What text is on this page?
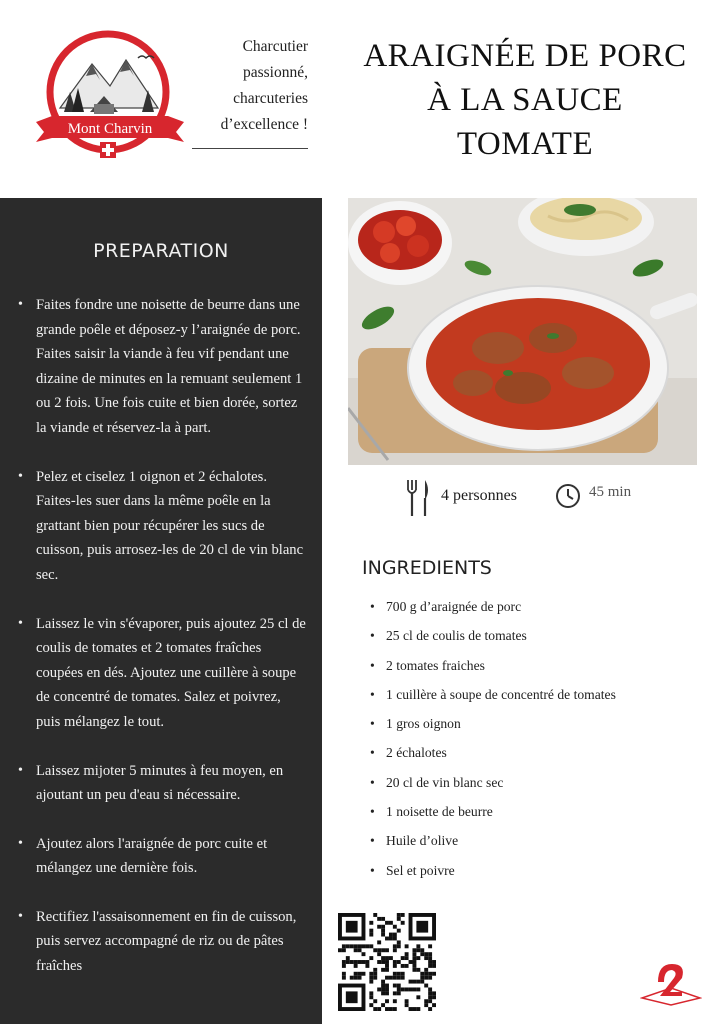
Mont Charvin
Charcutier passionné, charcuteries d’excellence !
ARAIGNÉE DE PORC À LA SAUCE TOMATE
PREPARATION
• Faites fondre une noisette de beurre dans une grande poêle et déposez-y l’araignée de porc. Faites saisir la viande à feu vif pendant une dizaine de minutes en la remuant seulement 1 ou 2 fois. Une fois cuite et bien dorée, sortez la viande et réservez-la à part.
• Pelez et ciselez 1 oignon et 2 échalotes. Faites-les suer dans la même poêle en la grattant bien pour récupérer les sucs de cuisson, puis arrosez-les de 20 cl de vin blanc sec.
• Laissez le vin s'évaporer, puis ajoutez 25 cl de coulis de tomates et 2 tomates fraîches coupées en dés. Ajoutez une cuillère à soupe de concentré de tomates. Salez et poivrez, puis mélangez le tout.
• Laissez mijoter 5 minutes à feu moyen, en ajoutant un peu d'eau si nécessaire.
• Ajoutez alors l'araignée de porc cuite et mélangez une dernière fois.
• Rectifiez l'assaisonnement en fin de cuisson, puis servez accompagné de riz ou de pâtes fraîches
4 personnes	45 min
INGREDIENTS
• 700 g d’araignée de porc
• 25 cl de coulis de tomates
• 2 tomates fraiches
• 1 cuillère à soupe de concentré de tomates
• 1 gros oignon
• 2 échalotes
• 20 cl de vin blanc sec
• 1 noisette de beurre
• Huile d’olive
• Sel et poivre
